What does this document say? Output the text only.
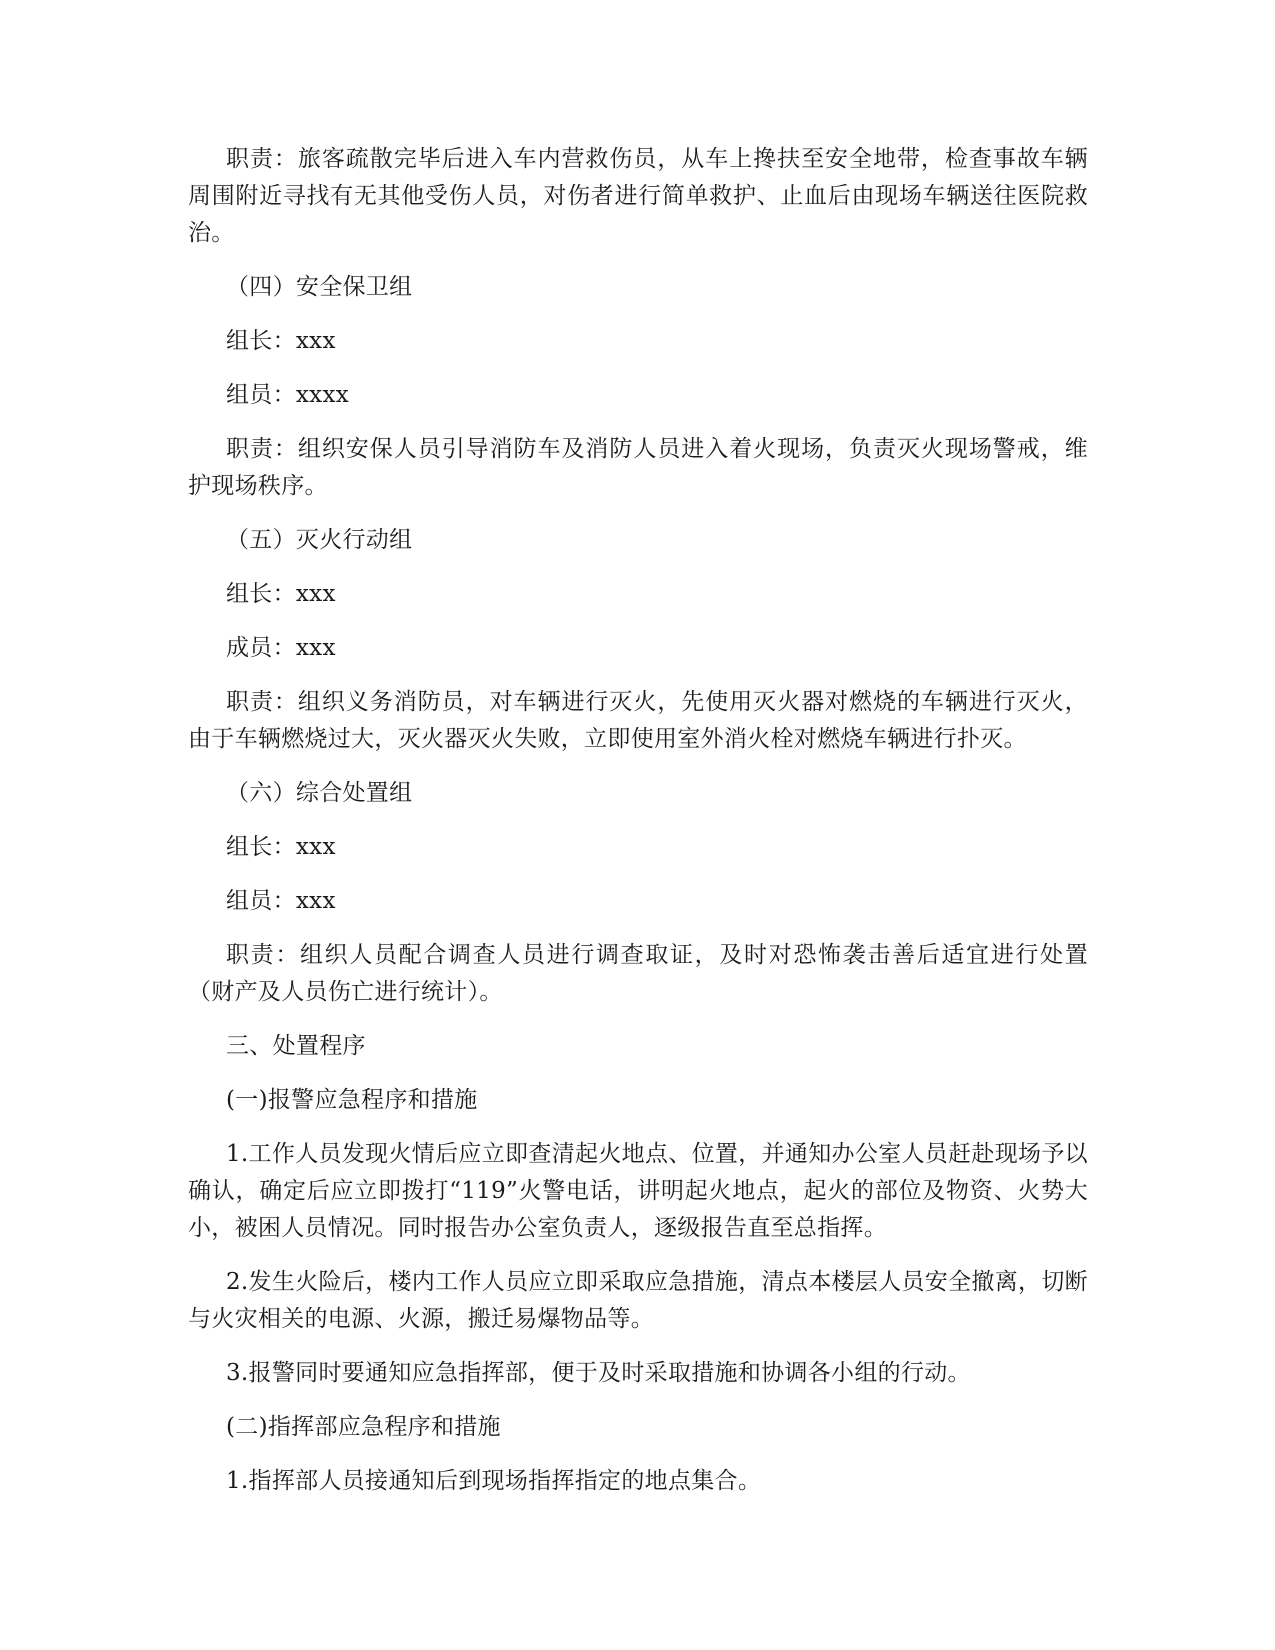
职责：旅客疏散完毕后进入车内营救伤员，从车上搀扶至安全地带，检查事故车辆周围附近寻找有无其他受伤人员，对伤者进行简单救护、止血后由现场车辆送往医院救治。

（四）安全保卫组

组长：xxx

组员：xxxx

职责：组织安保人员引导消防车及消防人员进入着火现场，负责灭火现场警戒，维护现场秩序。

（五）灭火行动组

组长：xxx

成员：xxx

职责：组织义务消防员，对车辆进行灭火，先使用灭火器对燃烧的车辆进行灭火，由于车辆燃烧过大，灭火器灭火失败，立即使用室外消火栓对燃烧车辆进行扑灭。

（六）综合处置组

组长：xxx

组员：xxx

职责：组织人员配合调查人员进行调查取证，及时对恐怖袭击善后适宜进行处置（财产及人员伤亡进行统计）。

三、处置程序

(一)报警应急程序和措施

1.工作人员发现火情后应立即查清起火地点、位置，并通知办公室人员赶赴现场予以确认，确定后应立即拨打“119”火警电话，讲明起火地点，起火的部位及物资、火势大小，被困人员情况。同时报告办公室负责人，逐级报告直至总指挥。

2.发生火险后，楼内工作人员应立即采取应急措施，清点本楼层人员安全撤离，切断与火灾相关的电源、火源，搬迁易爆物品等。

3.报警同时要通知应急指挥部，便于及时采取措施和协调各小组的行动。

(二)指挥部应急程序和措施

1.指挥部人员接通知后到现场指挥指定的地点集合。
